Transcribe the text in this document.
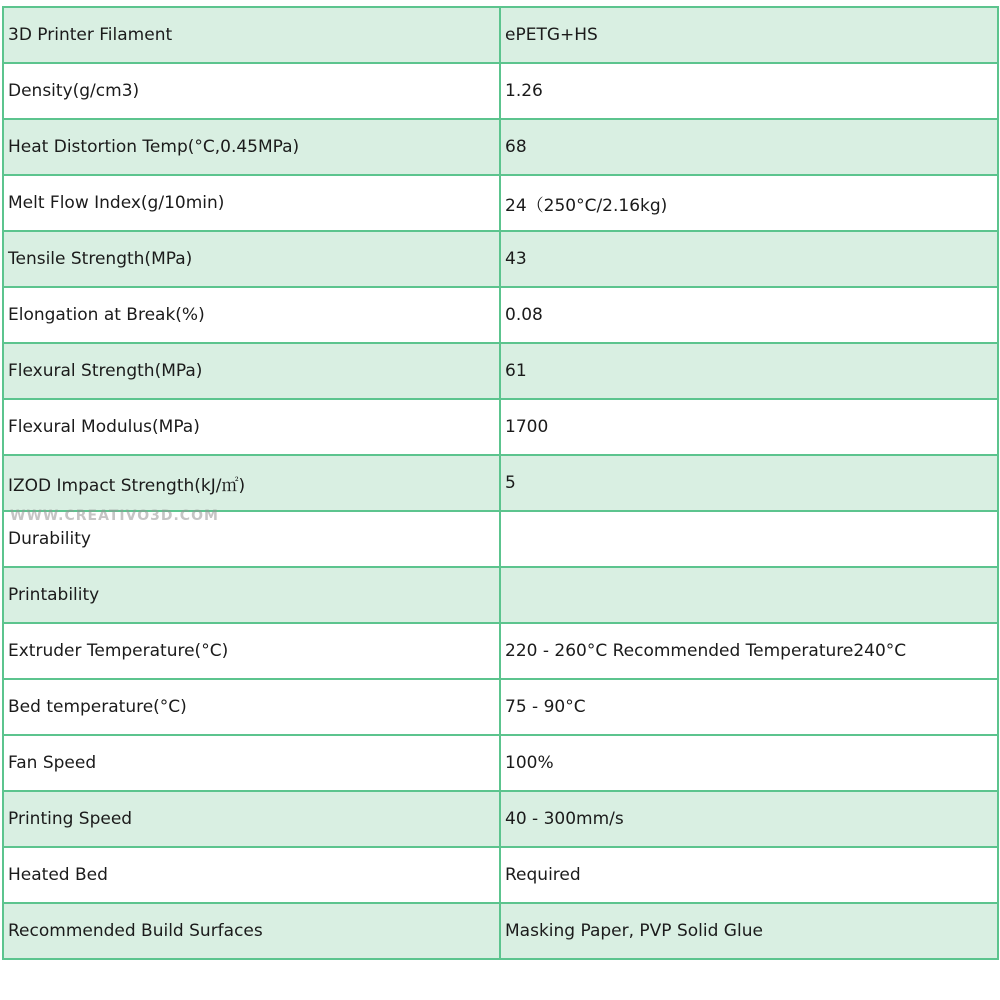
3D Printer Filament	ePETG+HS
Density(g/cm3)	1.26
Heat Distortion Temp(°C,0.45MPa)	68
Melt Flow Index(g/10min)	24（250°C/2.16kg)
Tensile Strength(MPa)	43
Elongation at Break(%)	0.08
Flexural Strength(MPa)	61
Flexural Modulus(MPa)	1700
IZOD Impact Strength(kJ/㎡)	5
Durability	
Printability	
Extruder Temperature(°C)	220 - 260°C Recommended Temperature240°C
Bed temperature(°C)	75 - 90°C
Fan Speed	100%
Printing Speed	40 - 300mm/s
Heated Bed	Required
Recommended Build Surfaces	Masking Paper, PVP Solid Glue
WWW.CREATIVO3D.COM
